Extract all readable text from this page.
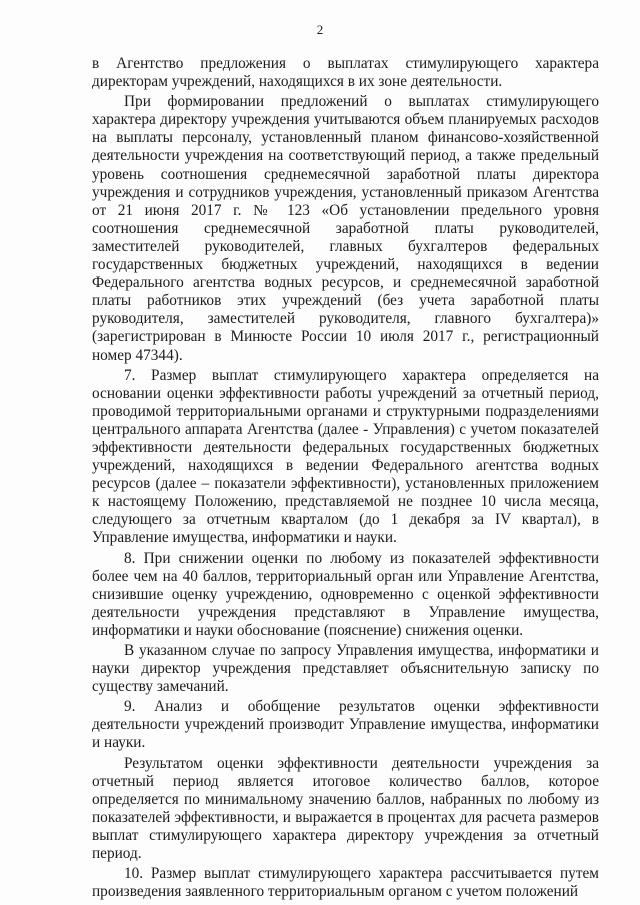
2

в Агентство предложения о выплатах стимулирующего характера директорам учреждений, находящихся в их зоне деятельности.

При формировании предложений о выплатах стимулирующего характера директору учреждения учитываются объем планируемых расходов на выплаты персоналу, установленный планом финансово-хозяйственной деятельности учреждения на соответствующий период, а также предельный уровень соотношения среднемесячной заработной платы директора учреждения и сотрудников учреждения, установленный приказом Агентства от 21 июня 2017 г. № 123 «Об установлении предельного уровня соотношения среднемесячной заработной платы руководителей, заместителей руководителей, главных бухгалтеров федеральных государственных бюджетных учреждений, находящихся в ведении Федерального агентства водных ресурсов, и среднемесячной заработной платы работников этих учреждений (без учета заработной платы руководителя, заместителей руководителя, главного бухгалтера)» (зарегистрирован в Минюсте России 10 июля 2017 г., регистрационный номер 47344).

7. Размер выплат стимулирующего характера определяется на основании оценки эффективности работы учреждений за отчетный период, проводимой территориальными органами и структурными подразделениями центрального аппарата Агентства (далее - Управления) с учетом показателей эффективности деятельности федеральных государственных бюджетных учреждений, находящихся в ведении Федерального агентства водных ресурсов (далее – показатели эффективности), установленных приложением к настоящему Положению, представляемой не позднее 10 числа месяца, следующего за отчетным кварталом (до 1 декабря за IV квартал), в Управление имущества, информатики и науки.

8. При снижении оценки по любому из показателей эффективности более чем на 40 баллов, территориальный орган или Управление Агентства, снизившие оценку учреждению, одновременно с оценкой эффективности деятельности учреждения представляют в Управление имущества, информатики и науки обоснование (пояснение) снижения оценки.

В указанном случае по запросу Управления имущества, информатики и науки директор учреждения представляет объяснительную записку по существу замечаний.

9. Анализ и обобщение результатов оценки эффективности деятельности учреждений производит Управление имущества, информатики и науки.

Результатом оценки эффективности деятельности учреждения за отчетный период является итоговое количество баллов, которое определяется по минимальному значению баллов, набранных по любому из показателей эффективности, и выражается в процентах для расчета размеров выплат стимулирующего характера директору учреждения за отчетный период.

10. Размер выплат стимулирующего характера рассчитывается путем произведения заявленного территориальным органом с учетом положений
